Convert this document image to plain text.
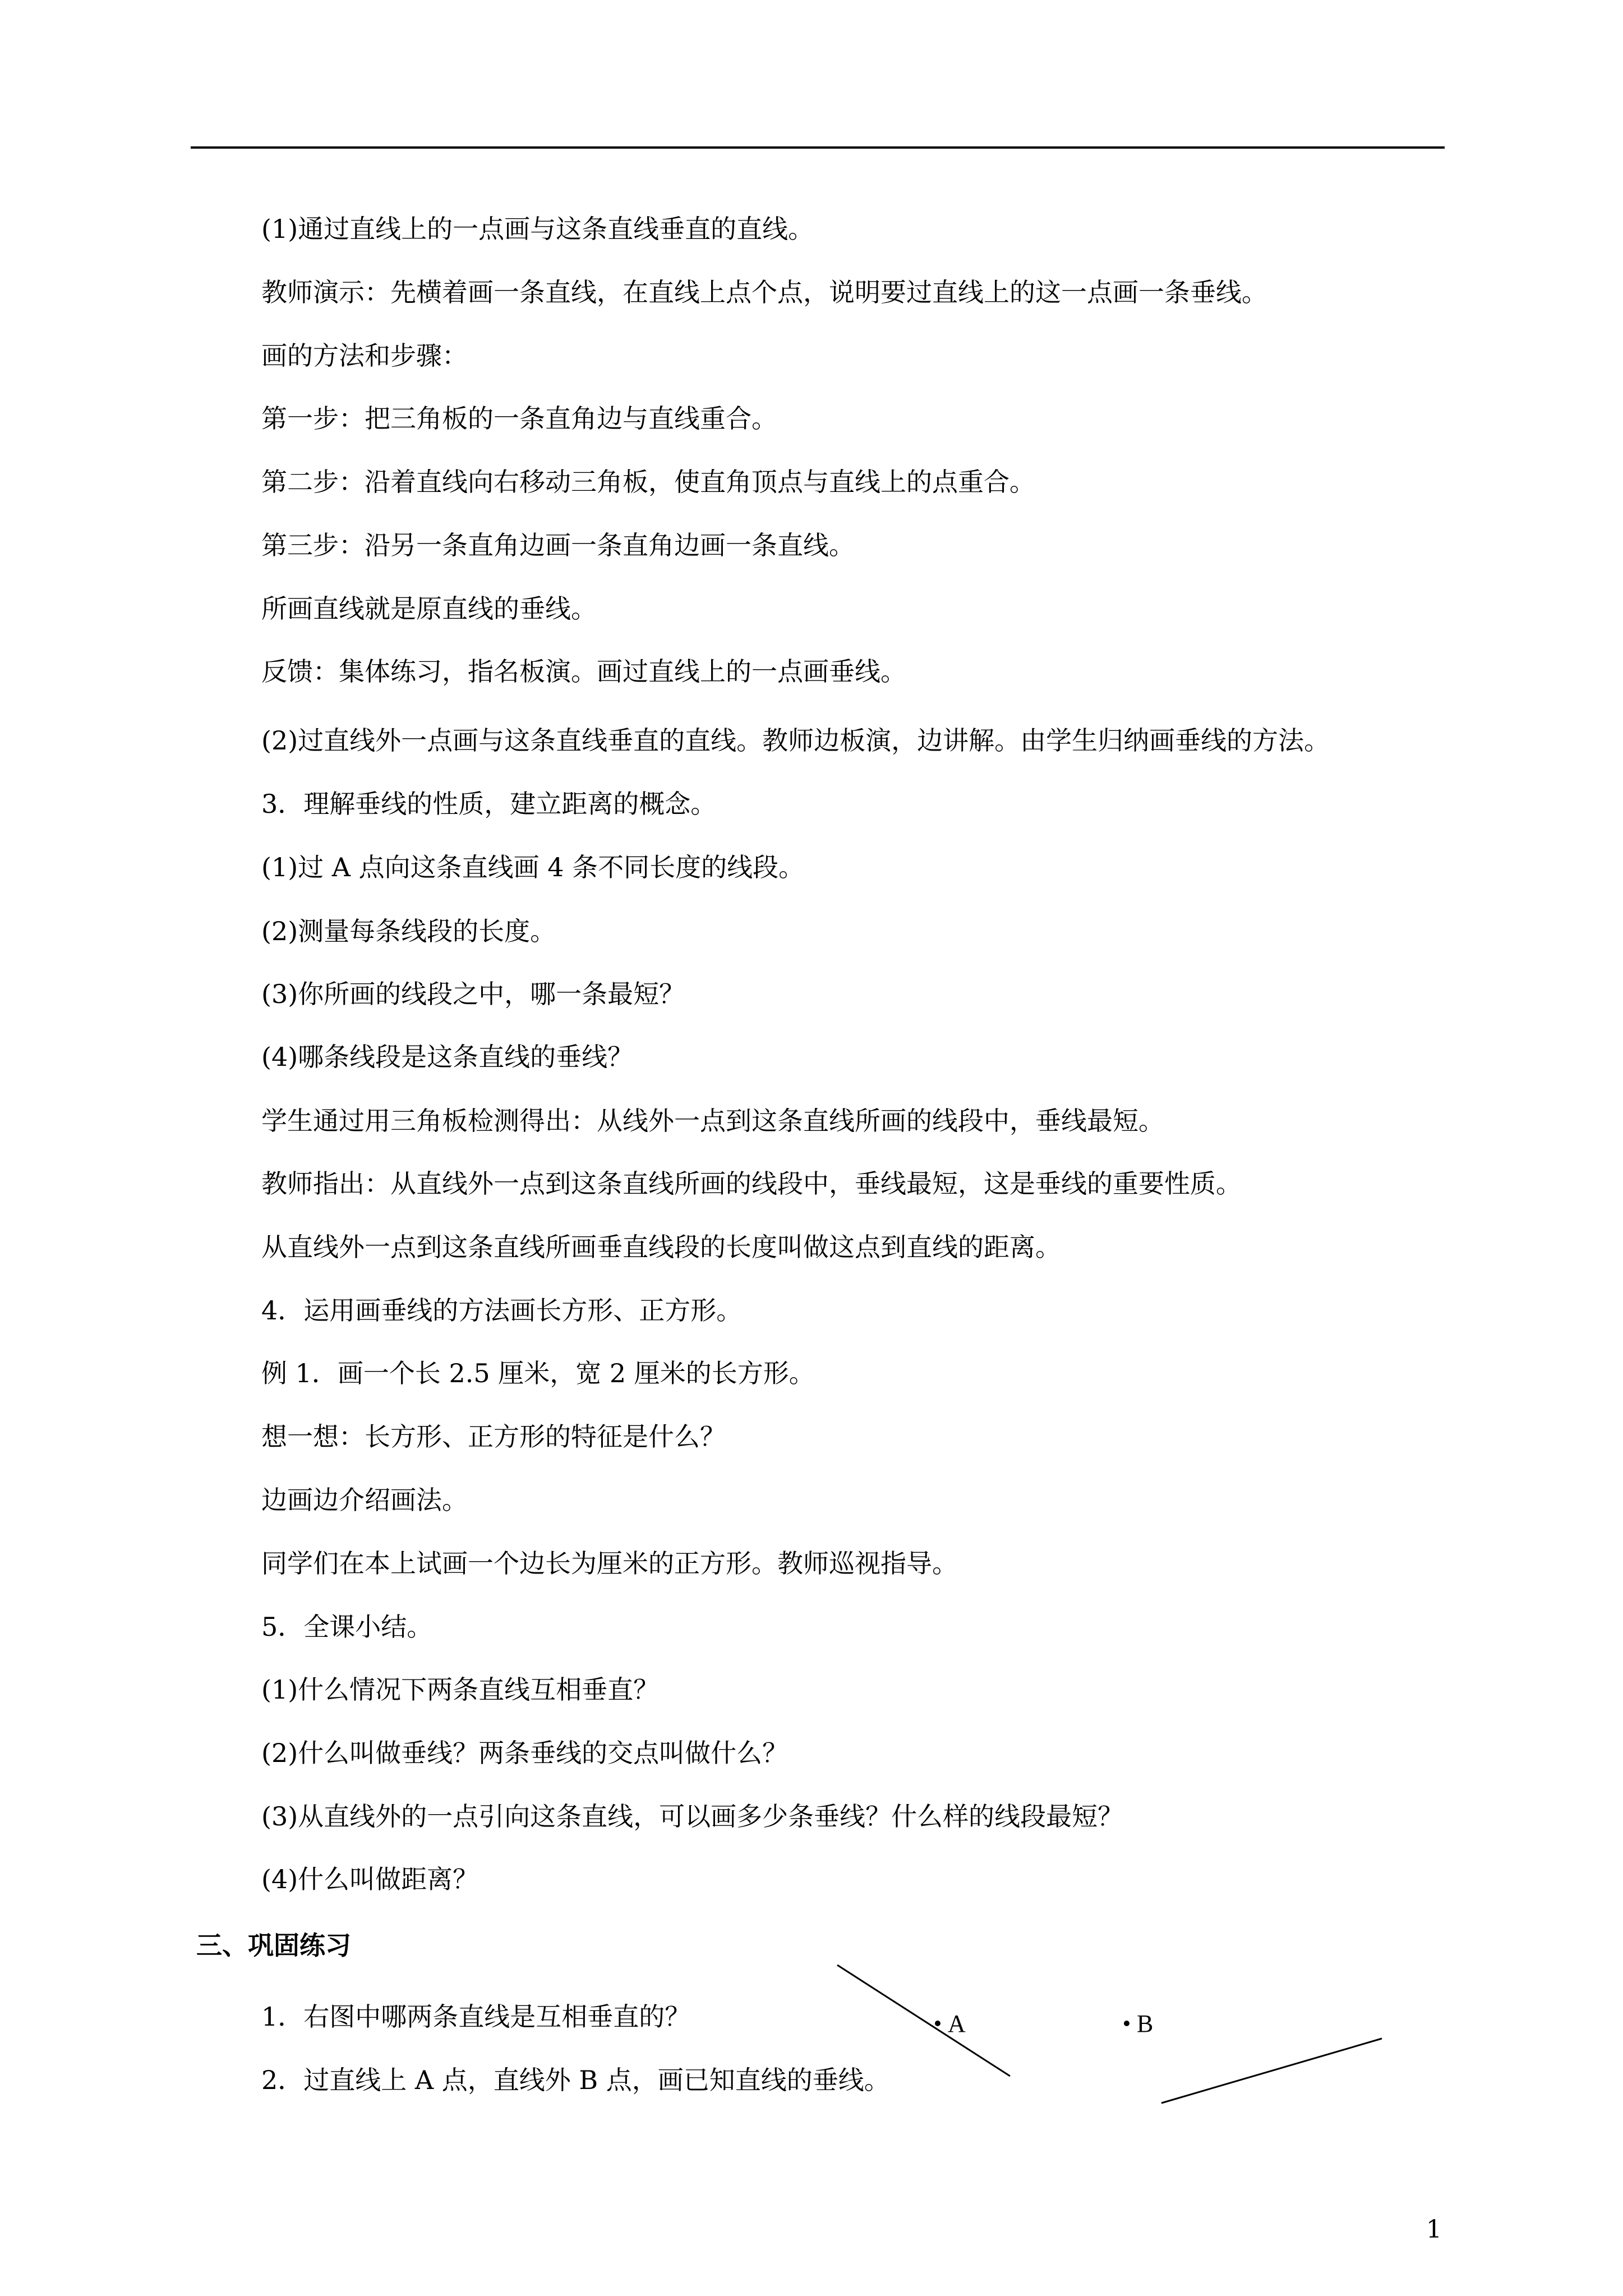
(1)通过直线上的一点画与这条直线垂直的直线。
教师演示：先横着画一条直线，在直线上点个点，说明要过直线上的这一点画一条垂线。
画的方法和步骤：
第一步：把三角板的一条直角边与直线重合。
第二步：沿着直线向右移动三角板，使直角顶点与直线上的点重合。
第三步：沿另一条直角边画一条直角边画一条直线。
所画直线就是原直线的垂线。
反馈：集体练习，指名板演。画过直线上的一点画垂线。
(2)过直线外一点画与这条直线垂直的直线。教师边板演，边讲解。由学生归纳画垂线的方法。
3．理解垂线的性质，建立距离的概念。
(1)过 A 点向这条直线画 4 条不同长度的线段。
(2)测量每条线段的长度。
(3)你所画的线段之中，哪一条最短？
(4)哪条线段是这条直线的垂线？
学生通过用三角板检测得出：从线外一点到这条直线所画的线段中，垂线最短。
教师指出：从直线外一点到这条直线所画的线段中，垂线最短，这是垂线的重要性质。
从直线外一点到这条直线所画垂直线段的长度叫做这点到直线的距离。
4．运用画垂线的方法画长方形、正方形。
例 1．画一个长 2.5 厘米，宽 2 厘米的长方形。
想一想：长方形、正方形的特征是什么？
边画边介绍画法。
同学们在本上试画一个边长为厘米的正方形。教师巡视指导。
5．全课小结。
(1)什么情况下两条直线互相垂直？
(2)什么叫做垂线？两条垂线的交点叫做什么？
(3)从直线外的一点引向这条直线，可以画多少条垂线？什么样的线段最短？
(4)什么叫做距离？
三、巩固练习
1．右图中哪两条直线是互相垂直的？
2．过直线上 A 点，直线外 B 点，画已知直线的垂线。
A	B
1
